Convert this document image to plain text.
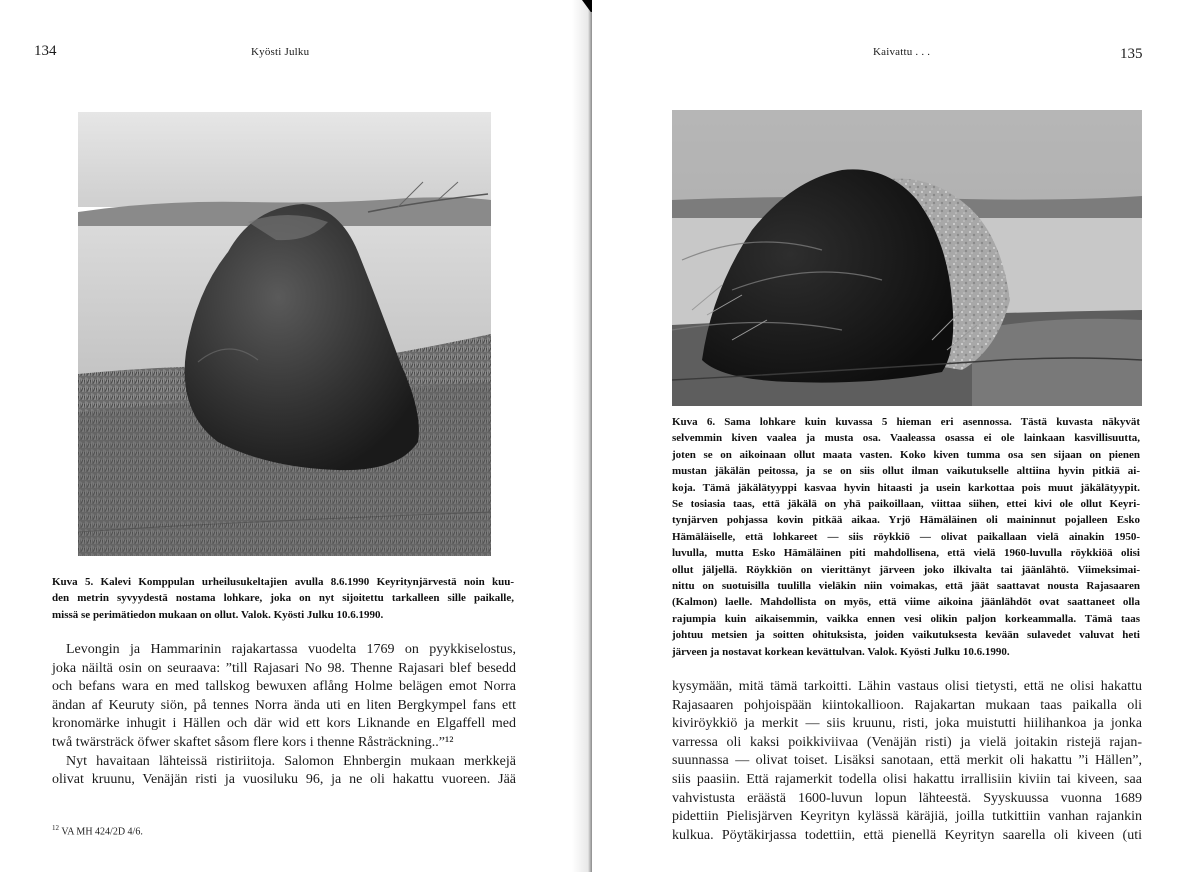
134	Kyösti Julku
Kuva 5. Kalevi Komppulan urheilusukeltajien avulla 8.6.1990 Keyritynjärvestä noin kuu-
den metrin syvyydestä nostama lohkare, joka on nyt sijoitettu tarkalleen sille paikalle,
missä se perimätiedon mukaan on ollut. Valok. Kyösti Julku 10.6.1990.
Levongin ja Hammarinin rajakartassa vuodelta 1769 on pyykkiselostus,
joka näiltä osin on seuraava: ”till Rajasari No 98. Thenne Rajasari blef besedd
och befans wara en med tallskog bewuxen aflång Holme belägen emot Norra
ändan af Keuruty siön, på tennes Norra ända uti en liten Bergkympel fans ett
kronomärke inhugit i Hällen och där wid ett kors Liknande en Elgaffell med
twå twärsträck öfwer skaftet såsom flere kors i thenne Råsträckning..”¹²
Nyt havaitaan lähteissä ristiriitoja. Salomon Ehnbergin mukaan merkkejä
olivat kruunu, Venäjän risti ja vuosiluku 96, ja ne oli hakattu vuoreen. Jää
$^{12}$ VA MH 424/2D 4/6.
Kaivattu . . .	135
Kuva 6. Sama lohkare kuin kuvassa 5 hieman eri asennossa. Tästä kuvasta näkyvät
selvemmin kiven vaalea ja musta osa. Vaaleassa osassa ei ole lainkaan kasvillisuutta,
joten se on aikoinaan ollut maata vasten. Koko kiven tumma osa sen sijaan on pienen
mustan jäkälän peitossa, ja se on siis ollut ilman vaikutukselle alttiina hyvin pitkiä ai-
koja. Tämä jäkälätyyppi kasvaa hyvin hitaasti ja usein karkottaa pois muut jäkälätyypit.
Se tosiasia taas, että jäkälä on yhä paikoillaan, viittaa siihen, ettei kivi ole ollut Keyri-
tynjärven pohjassa kovin pitkää aikaa. Yrjö Hämäläinen oli maininnut pojalleen Esko
Hämäläiselle, että lohkareet — siis röykkiö — olivat paikallaan vielä ainakin 1950-
luvulla, mutta Esko Hämäläinen piti mahdollisena, että vielä 1960-luvulla röykkiöä olisi
ollut jäljellä. Röykkiön on vierittänyt järveen joko ilkivalta tai jäänlähtö. Viimeksimai-
nittu on suotuisilla tuulilla vieläkin niin voimakas, että jäät saattavat nousta Rajasaaren
(Kalmon) laelle. Mahdollista on myös, että viime aikoina jäänlähdöt ovat saattaneet olla
rajumpia kuin aikaisemmin, vaikka ennen vesi olikin paljon korkeammalla. Tämä taas
johtuu metsien ja soitten ohituksista, joiden vaikutuksesta kevään sulavedet valuvat heti
järveen ja nostavat korkean kevättulvan. Valok. Kyösti Julku 10.6.1990.
kysymään, mitä tämä tarkoitti. Lähin vastaus olisi tietysti, että ne olisi hakattu
Rajasaaren pohjoispään kiintokallioon. Rajakartan mukaan taas paikalla oli
kiviröykkiö ja merkit — siis kruunu, risti, joka muistutti hiilihankoa ja jonka
varressa oli kaksi poikkiviivaa (Venäjän risti) ja vielä joitakin ristejä rajan-
suunnassa — olivat toiset. Lisäksi sanotaan, että merkit oli hakattu ”i Hällen”,
siis paasiin. Että rajamerkit todella olisi hakattu irrallisiin kiviin tai kiveen, saa
vahvistusta eräästä 1600-luvun lopun lähteestä. Syyskuussa vuonna 1689
pidettiin Pielisjärven Keyrityn kylässä käräjiä, joilla tutkittiin vanhan rajankin
kulkua. Pöytäkirjassa todettiin, että pienellä Keyrityn saarella oli kiveen (uti
